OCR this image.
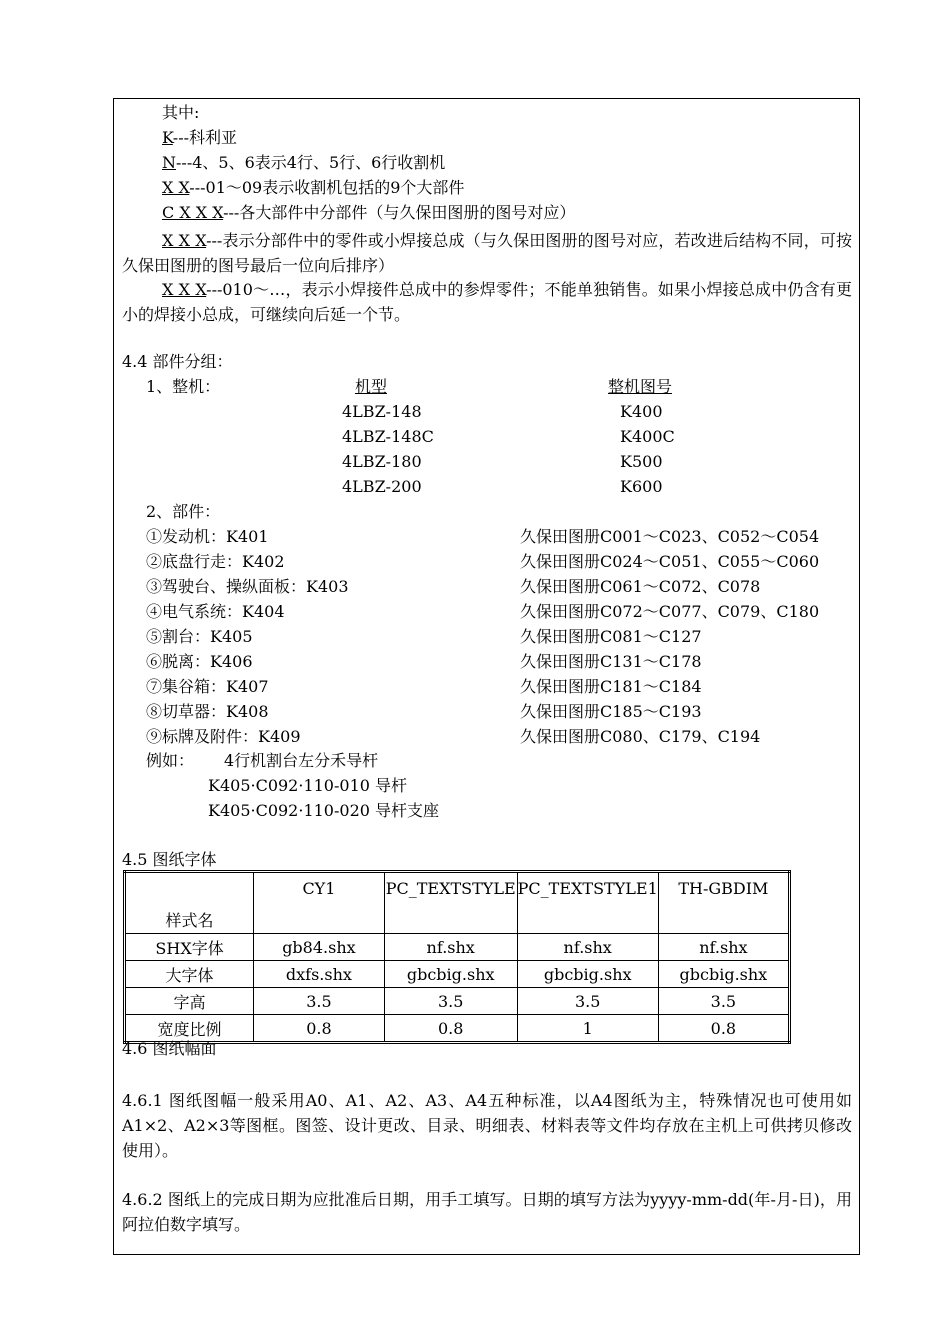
其中:
K---科利亚
N---4、5、6表示4行、5行、6行收割机
X X---01～09表示收割机包括的9个大部件
C X X X---各大部件中分部件（与久保田图册的图号对应）
X X X---表示分部件中的零件或小焊接总成（与久保田图册的图号对应，若改进后结构不同，可按久保田图册的图号最后一位向后排序）
X X X---010～…，表示小焊接件总成中的参焊零件；不能单独销售。如果小焊接总成中仍含有更小的焊接小总成，可继续向后延一个节。
4.4 部件分组：
1、整机：	机型	整机图号
4LBZ-148	K400
4LBZ-148C	K400C
4LBZ-180	K500
4LBZ-200	K600
2、部件：
①发动机：K401	久保田图册C001～C023、C052～C054
②底盘行走：K402	久保田图册C024～C051、C055～C060
③驾驶台、操纵面板：K403	久保田图册C061～C072、C078
④电气系统：K404	久保田图册C072～C077、C079、C180
⑤割台：K405	久保田图册C081～C127
⑥脱离：K406	久保田图册C131～C178
⑦集谷箱：K407	久保田图册C181～C184
⑧切草器：K408	久保田图册C185～C193
⑨标牌及附件：K409	久保田图册C080、C179、C194
例如： 4行机割台左分禾导杆
K405·C092·110-010 导杆
K405·C092·110-020 导杆支座
4.5 图纸字体
样式名	CY1	PC_TEXTSTYLE	PC_TEXTSTYLE1	TH-GBDIM
SHX字体	gb84.shx	nf.shx	nf.shx	nf.shx
大字体	dxfs.shx	gbcbig.shx	gbcbig.shx	gbcbig.shx
字高	3.5	3.5	3.5	3.5
宽度比例	0.8	0.8	1	0.8
4.6 图纸幅面
4.6.1 图纸图幅一般采用A0、A1、A2、A3、A4五种标准，以A4图纸为主，特殊情况也可使用如A1×2、A2×3等图框。图签、设计更改、目录、明细表、材料表等文件均存放在主机上可供拷贝修改使用）。
4.6.2 图纸上的完成日期为应批准后日期，用手工填写。日期的填写方法为yyyy-mm-dd(年-月-日)，用阿拉伯数字填写。
